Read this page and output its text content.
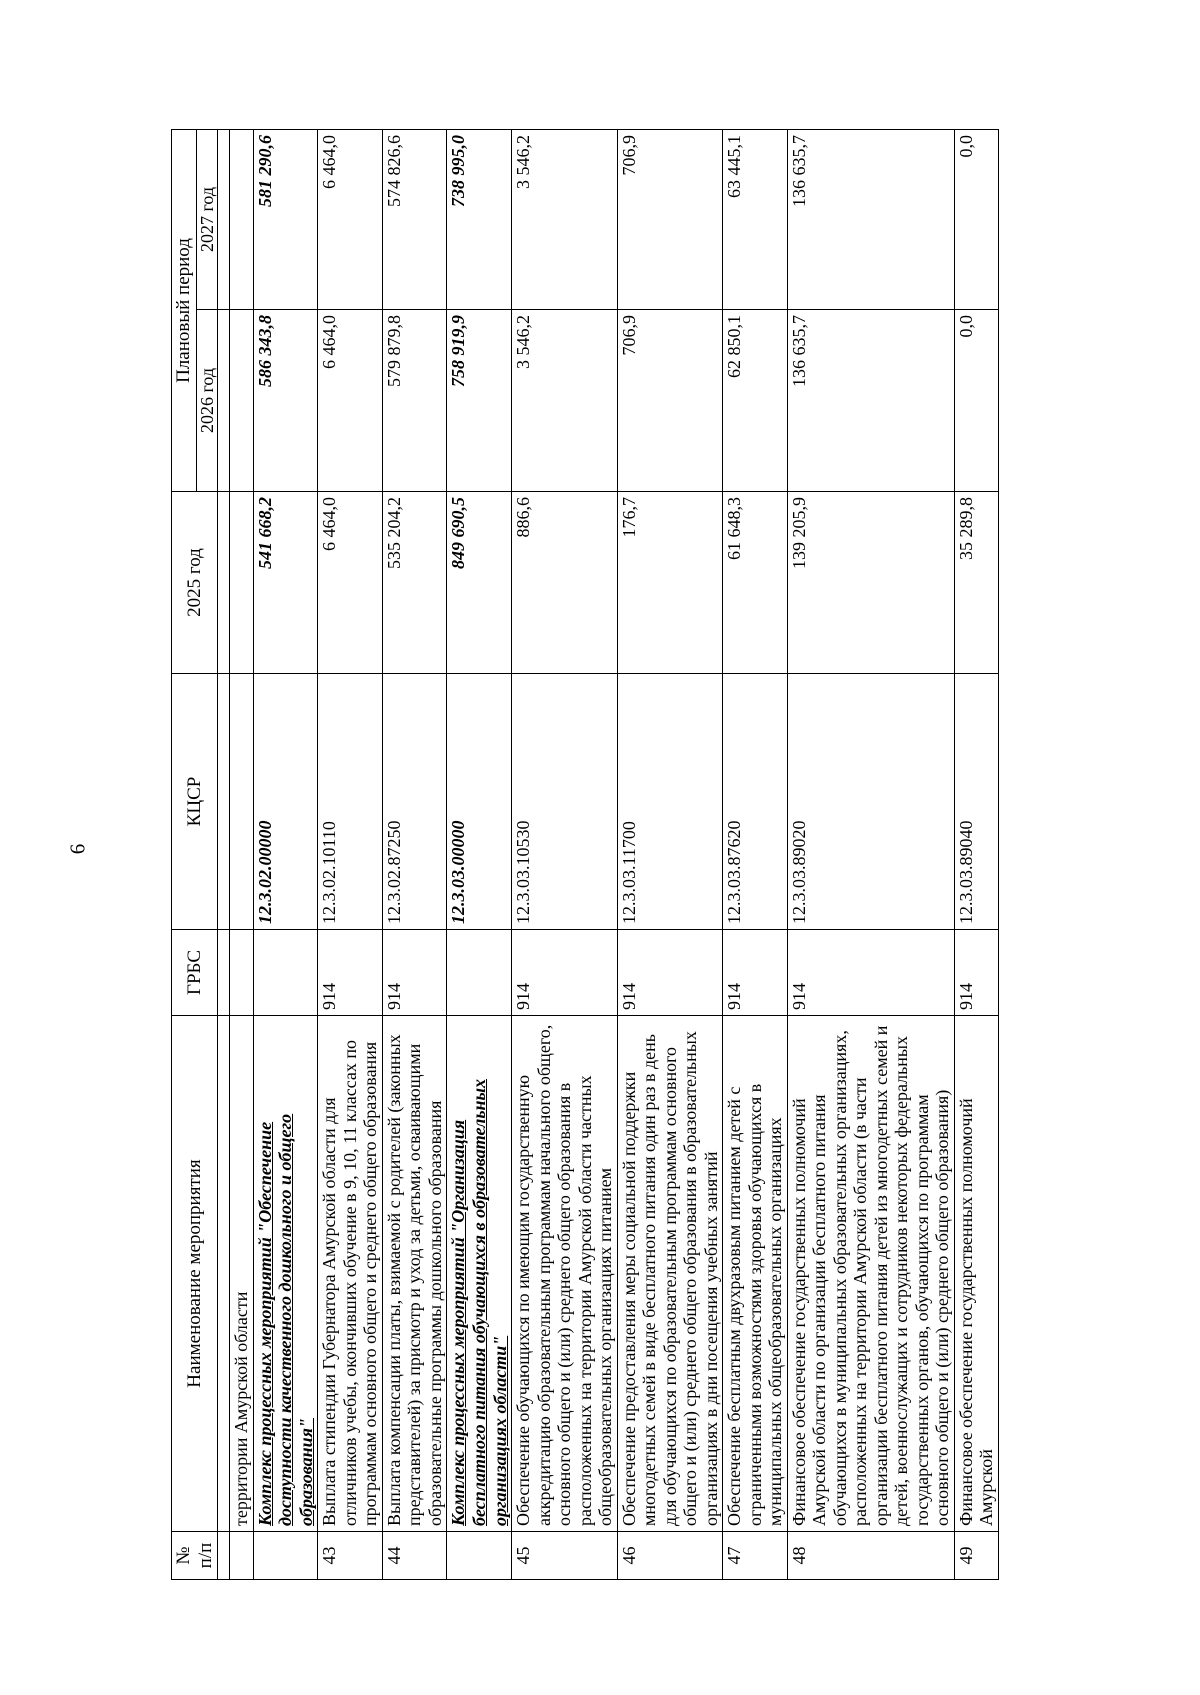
6
№ п/п	Наименование мероприятия	ГРБС	КЦСР	2025 год	Плановый период	
					2026 год	2027 год

	территории Амурской области					
	Комплекс процессных мероприятий "Обеспечение доступности качественного дошкольного и общего образования"		12.3.02.00000	541 668,2	586 343,8	581 290,6
43	Выплата стипендии Губернатора Амурской области для отличников учебы, окончивших обучение в 9, 10, 11 классах по программам основного общего и среднего общего образования	914	12.3.02.10110	6 464,0	6 464,0	6 464,0
44	Выплата компенсации платы, взимаемой с родителей (законных представителей) за присмотр и уход за детьми, осваивающими образовательные программы дошкольного образования	914	12.3.02.87250	535 204,2	579 879,8	574 826,6
	Комплекс процессных мероприятий "Организация бесплатного питания обучающихся в образовательных организациях области"		12.3.03.00000	849 690,5	758 919,9	738 995,0
45	Обеспечение обучающихся по имеющим государственную аккредитацию образовательным программам начального общего, основного общего и (или) среднего общего образования в расположенных на территории Амурской области частных общеобразовательных организациях питанием	914	12.3.03.10530	886,6	3 546,2	3 546,2
46	Обеспечение предоставления меры социальной поддержки многодетных семей в виде бесплатного питания один раз в день для обучающихся по образовательным программам основного общего и (или) среднего общего образования в образовательных организациях в дни посещения учебных занятий	914	12.3.03.11700	176,7	706,9	706,9
47	Обеспечение бесплатным двухразовым питанием детей с ограниченными возможностями здоровья обучающихся в муниципальных общеобразовательных организациях	914	12.3.03.87620	61 648,3	62 850,1	63 445,1
48	Финансовое обеспечение государственных полномочий Амурской области по организации бесплатного питания обучающихся в муниципальных образовательных организациях, расположенных на территории Амурской области (в части организации бесплатного питания детей из многодетных семей и детей, военнослужащих и сотрудников некоторых федеральных государственных органов, обучающихся по программам основного общего и (или) среднего общего образования)	914	12.3.03.89020	139 205,9	136 635,7	136 635,7
49	Финансовое обеспечение государственных полномочий Амурской	914	12.3.03.89040	35 289,8	0,0	0,0
